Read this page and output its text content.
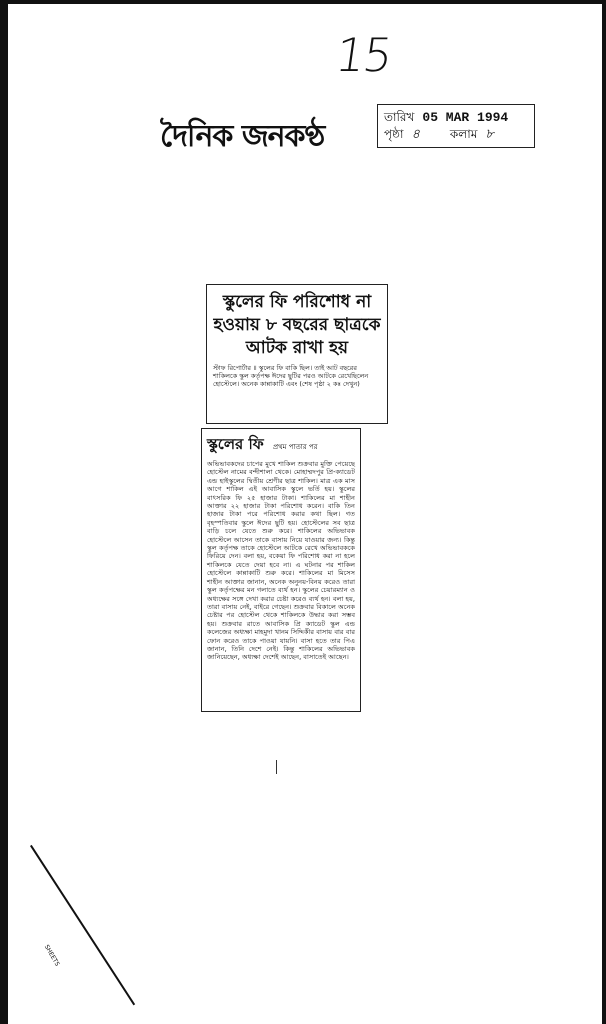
15
দৈনিক জনকণ্ঠ
তারিখ 05 MAR 1994
পৃষ্ঠা ৪	কলাম ৮
স্কুলের ফি পরিশোধ না হওয়ায় ৮ বছরের ছাত্রকে আটক রাখা হয়
স্টাফ রিপোর্টার ॥ স্কুলের ফি বাকি ছিল। তাই আট বছরের শাকিলকে স্কুল কর্তৃপক্ষ ঈদের ছুটির পরও আটকে রেখেছিলেন হোস্টেলে। অনেক কান্নাকাটি এবং (শেষ পৃষ্ঠা ২ কঃ দেখুন)
স্কুলের ফি প্রথম পাতার পর
অভিভাবকদের চাপের মুখে শাকিল শুক্রবার মুক্তি পেয়েছে হোস্টেল নামের বন্দীশালা থেকে। মোহাম্মদপুর প্রি-ক্যাডেট এন্ড হাইস্কুলের দ্বিতীয় শ্রেণীর ছাত্র শাকিল। মাত্র এক মাস আগে শাকিল এই আবাসিক স্কুলে ভর্তি হয়। স্কুলের বাৎসরিক ফি ২৫ হাজার টাকা। শাকিলের মা শাহীন আক্তার ২২ হাজার টাকা পরিশোধ করেন। বাকি তিন হাজার টাকা পরে পরিশোধ করার কথা ছিল। গত বৃহস্পতিবার স্কুলে ঈদের ছুটি হয়। হোস্টেলের সব ছাত্র বাড়ি চলে যেতে শুরু করে। শাকিলের অভিভাবক হোস্টেলে আসেন তাকে বাসায় নিয়ে যাওয়ার জন্য। কিন্তু স্কুল কর্তৃপক্ষ তাকে হোস্টেলে আটকে রেখে অভিভাবককে ফিরিয়ে দেন। বলা হয়, বকেয়া ফি পরিশোধ করা না হলে শাকিলকে যেতে দেয়া হবে না। এ ঘটনার পর শাকিল হোস্টেলে কান্নাকাটি শুরু করে। শাকিলের মা মিসেস শাহীন আক্তার জানান, অনেক অনুনয়-বিনয় করেও তারা স্কুল কর্তৃপক্ষের মন গলাতে ব্যর্থ হন। স্কুলের চেয়ারম্যান ও অধ্যক্ষের সঙ্গে দেখা করার চেষ্টা করেও ব্যর্থ হন। বলা হয়, তারা বাসায় নেই, বাইরে গেছেন। শুক্রবার বিকালে অনেক চেষ্টার পর হোস্টেল থেকে শাকিলকে উদ্ধার করা সম্ভব হয়। শুক্রবার রাতে আবাসিক প্রি ক্যাডেট স্কুল এন্ড কলেজের অধ্যক্ষা মাহমুদা খানম সিদ্দিকীর বাসায় বার বার ফোন করেও তাকে পাওয়া যায়নি। বাসা হতে তার পিএ জানান, তিনি দেশে নেই। কিন্তু শাকিলের অভিভাবক জানিয়েছেন, অধ্যক্ষা দেশেই আছেন, বাসাতেই আছেন।
SHEETS
